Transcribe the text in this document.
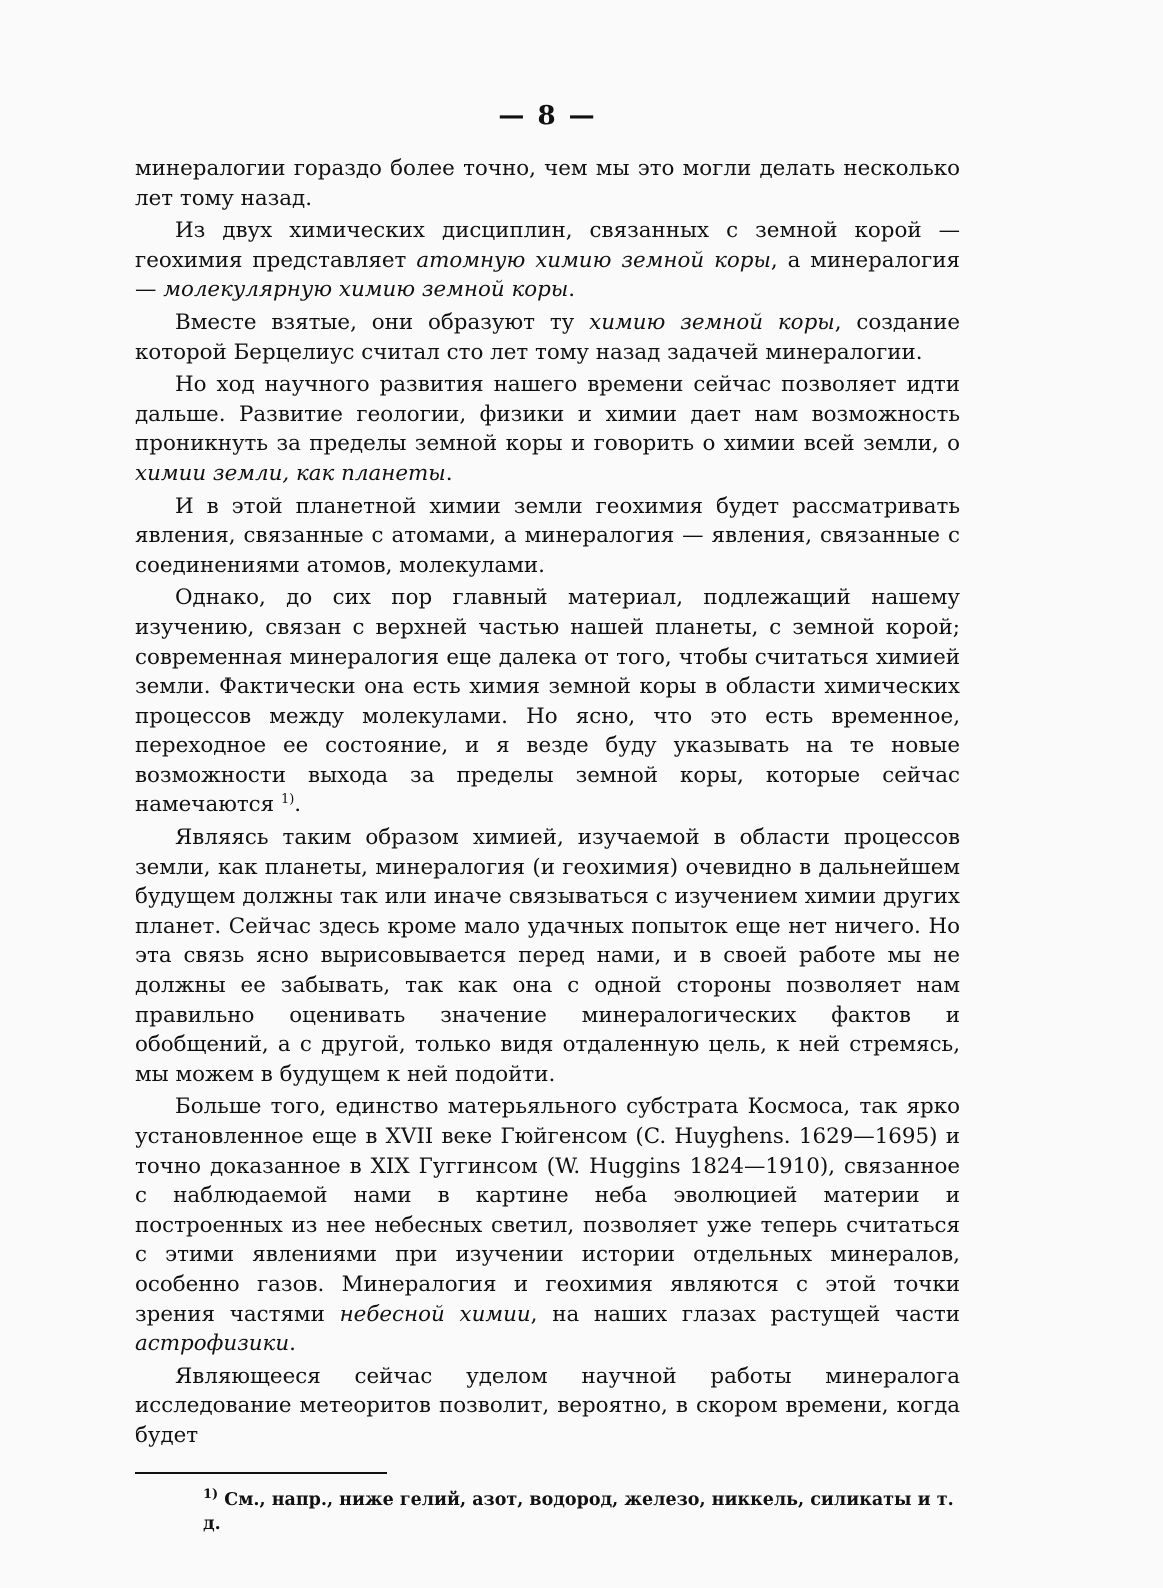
— 8 —

минералогии гораздо более точно, чем мы это могли делать несколько лет тому назад.

Из двух химических дисциплин, связанных с земной корой — геохимия представляет атомную химию земной коры, а минералогия — молекулярную химию земной коры.

Вместе взятые, они образуют ту химию земной коры, создание которой Берцелиус считал сто лет тому назад задачей минералогии.

Но ход научного развития нашего времени сейчас позволяет идти дальше. Развитие геологии, физики и химии дает нам возможность проникнуть за пределы земной коры и говорить о химии всей земли, о химии земли, как планеты.

И в этой планетной химии земли геохимия будет рассматривать явления, связанные с атомами, а минералогия — явления, связанные с соединениями атомов, молекулами.

Однако, до сих пор главный материал, подлежащий нашему изучению, связан с верхней частью нашей планеты, с земной корой; современная минералогия еще далека от того, чтобы считаться химией земли. Фактически она есть химия земной коры в области химических процессов между молекулами. Но ясно, что это есть временное, переходное ее состояние, и я везде буду указывать на те новые возможности выхода за пределы земной коры, которые сейчас намечаются $^{1)}$.

Являясь таким образом химией, изучаемой в области процессов земли, как планеты, минералогия (и геохимия) очевидно в дальнейшем будущем должны так или иначе связываться с изучением химии других планет. Сейчас здесь кроме мало удачных попыток еще нет ничего. Но эта связь ясно вырисовывается перед нами, и в своей работе мы не должны ее забывать, так как она с одной стороны позволяет нам правильно оценивать значение минералогических фактов и обобщений, а с другой, только видя отдаленную цель, к ней стремясь, мы можем в будущем к ней подойти.

Больше того, единство матерьяльного субстрата Космоса, так ярко установленное еще в XVII веке Гюйгенсом (C. Huyghens. 1629—1695) и точно доказанное в XIX Гуггинсом (W. Huggins 1824—1910), связанное с наблюдаемой нами в картине неба эволюцией материи и построенных из нее небесных светил, позволяет уже теперь считаться с этими явлениями при изучении истории отдельных минералов, особенно газов. Минералогия и геохимия являются с этой точки зрения частями небесной химии, на наших глазах растущей части астрофизики.

Являющееся сейчас уделом научной работы минералога исследование метеоритов позволит, вероятно, в скором времени, когда будет

$^{1)}$ См., напр., ниже гелий, азот, водород, железо, никкель, силикаты и т. д.
